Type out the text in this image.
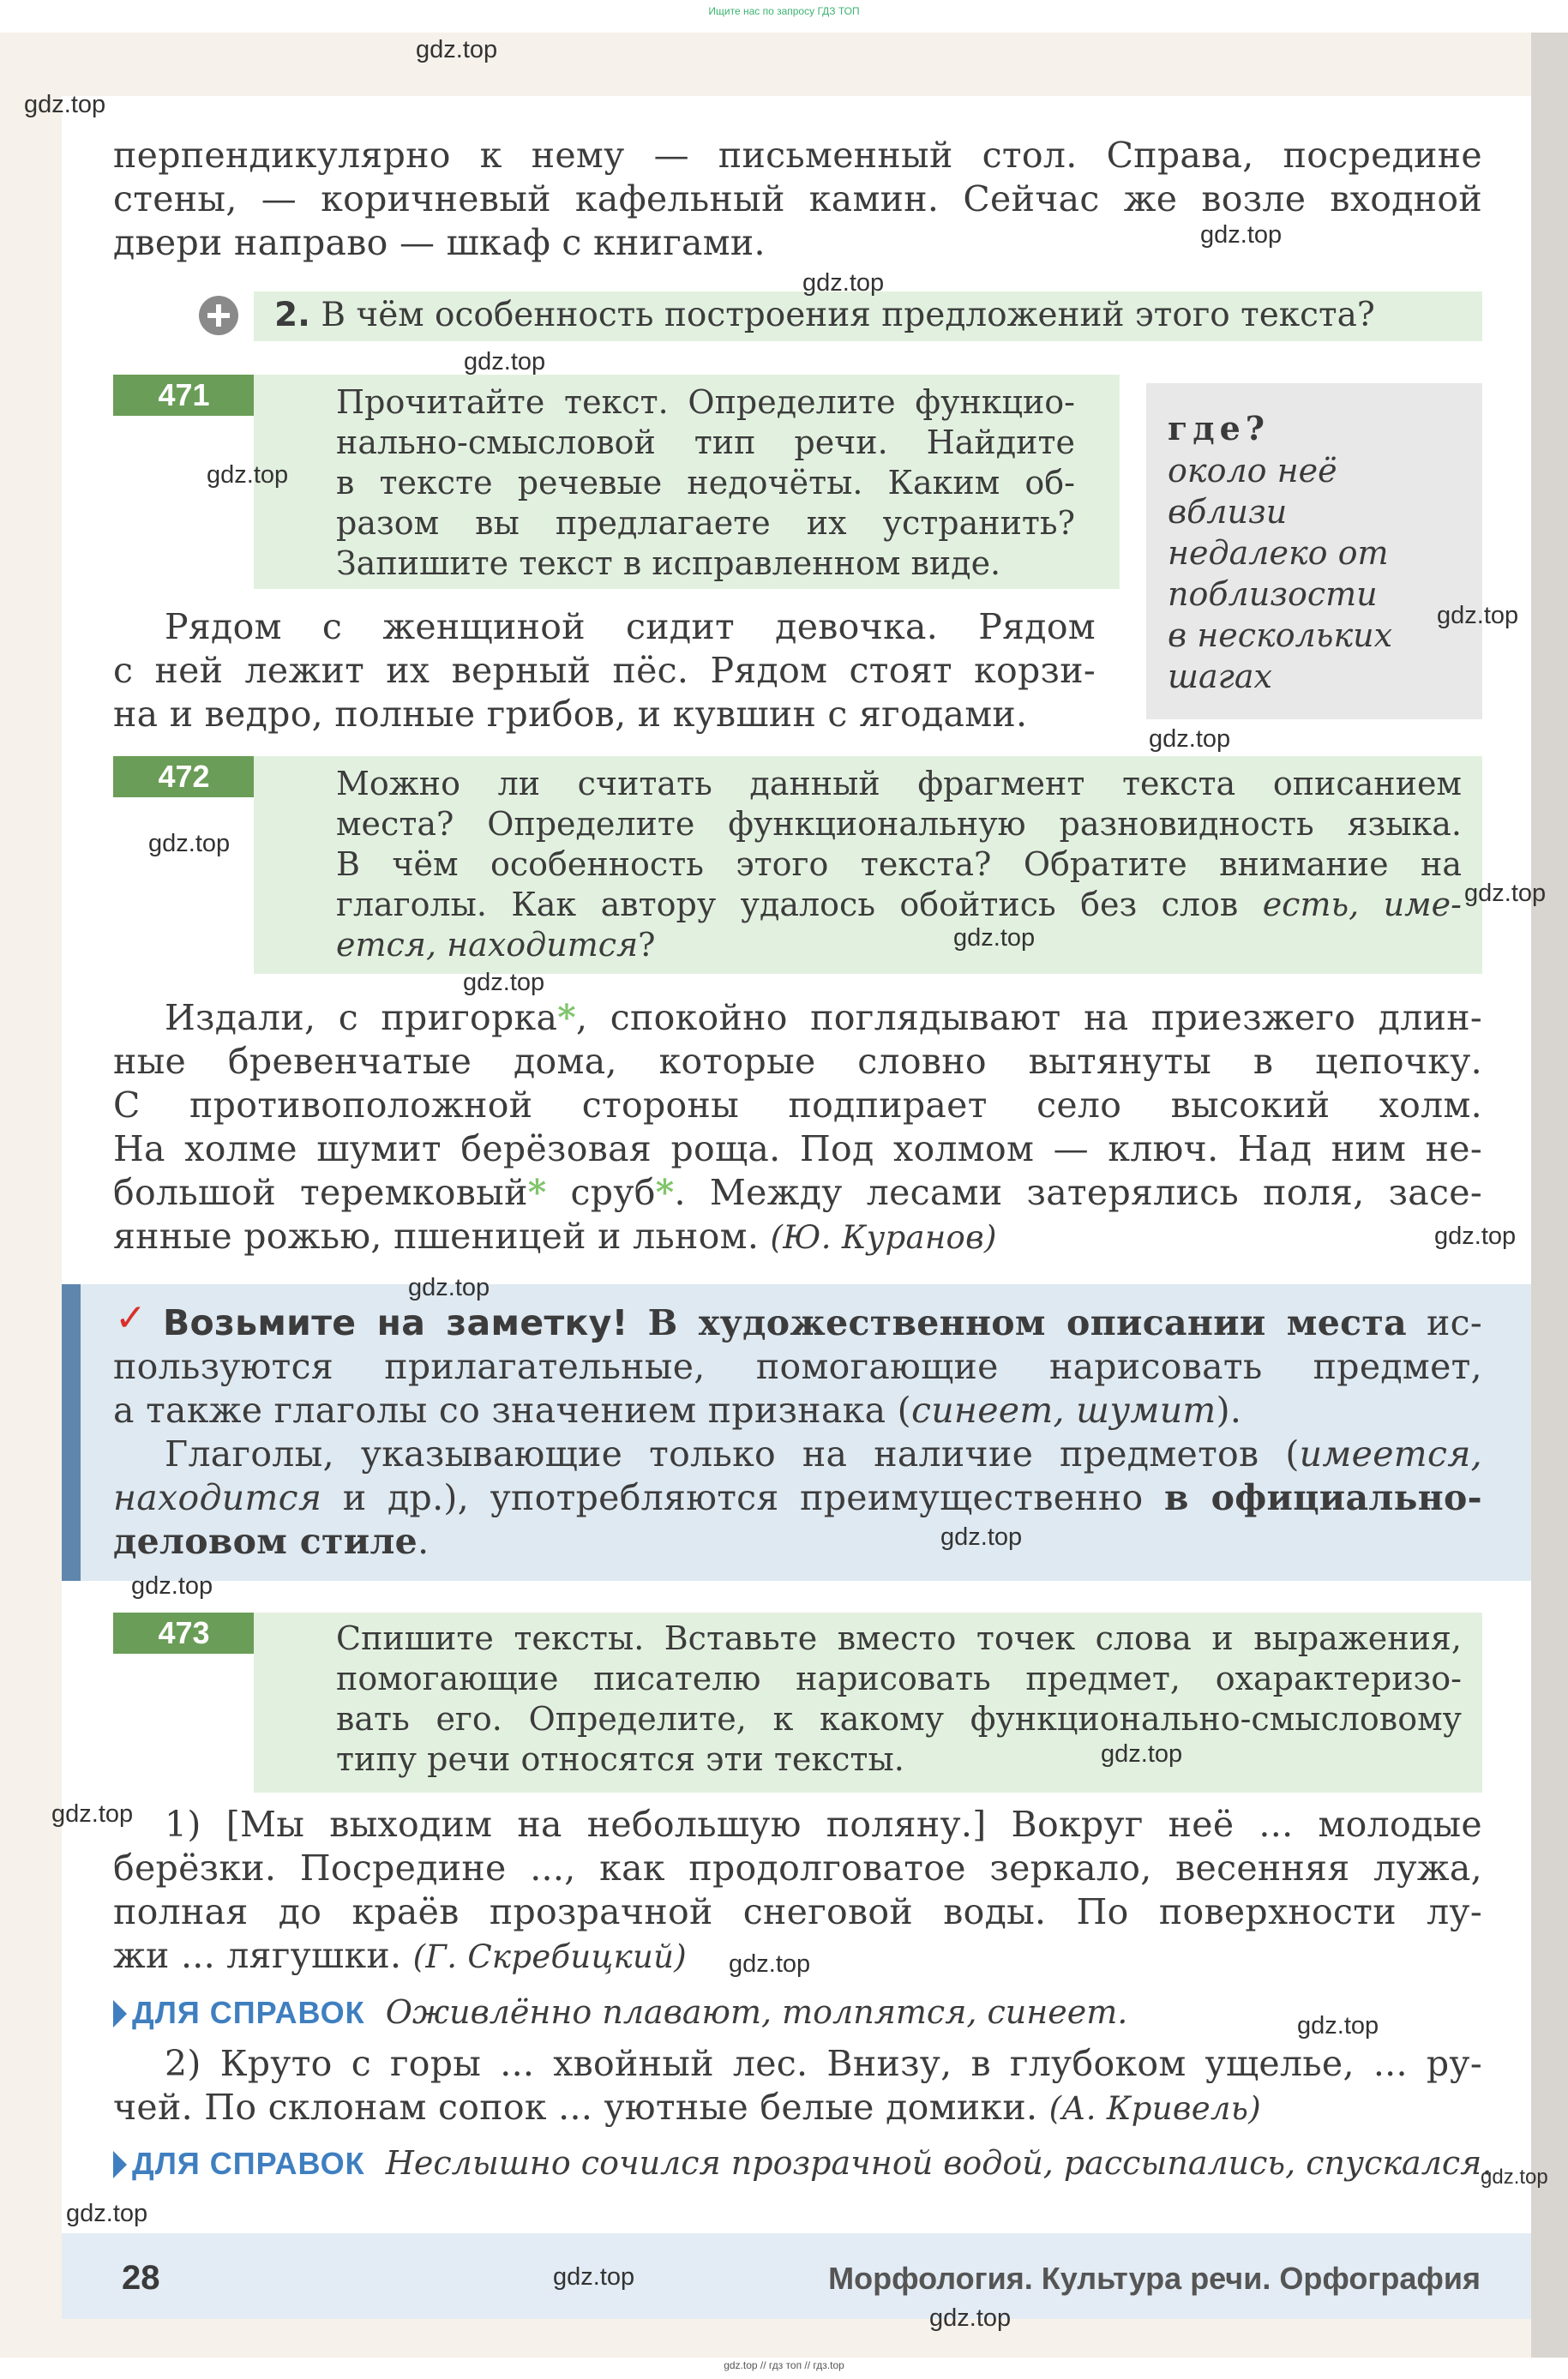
Ищите нас по запросу ГДЗ ТОП

перпендикулярно к нему — письменный стол. Справа, посредине

стены, — коричневый кафельный камин. Сейчас же возле входной

двери направо — шкаф с книгами.

2. В чём особенность построения предложений этого текста?
471	Прочитайте текст. Определите функцио-

нально-смысловой тип речи. Найдите

в тексте речевые недочёты. Каким об-

разом вы предлагаете их устранить?

Запишите текст в исправленном виде.

Рядом с женщиной сидит девочка. Рядом

с ней лежит их верный пёс. Рядом стоят корзи-

на и ведро, полные грибов, и кувшин с ягодами.

где?
около неё
вблизи
недалеко от
поблизости
в нескольких
шагах
472	Можно ли считать данный фрагмент текста описанием

места? Определите функциональную разновидность языка.

В чём особенность этого текста? Обратите внимание на

глаголы. Как автору удалось обойтись без слов есть, име-

ется, находится?

Издали, с пригорка*, спокойно поглядывают на приезжего длин-

ные бревенчатые дома, которые словно вытянуты в цепочку.

С противоположной стороны подпирает село высокий холм.

На холме шумит берёзовая роща. Под холмом — ключ. Над ним не-

большой теремковый* сруб*. Между лесами затерялись поля, засе-

янные рожью, пшеницей и льном. (Ю. Куранов)

✓ Возьмите на заметку! В художественном описании места ис-

пользуются прилагательные, помогающие нарисовать предмет,

а также глаголы со значением признака (синеет, шумит).

Глаголы, указывающие только на наличие предметов (имеется,

находится и др.), употребляются преимущественно в официально-

деловом стиле.

473	Спишите тексты. Вставьте вместо точек слова и выражения,

помогающие писателю нарисовать предмет, охарактеризо-

вать его. Определите, к какому функционально-смысловому

типу речи относятся эти тексты.

1) [Мы выходим на небольшую поляну.] Вокруг неё ... молодые

берёзки. Посредине ..., как продолговатое зеркало, весенняя лужа,

полная до краёв прозрачной снеговой воды. По поверхности лу-

жи ... лягушки. (Г. Скребицкий)

ДЛЯ СПРАВОК Оживлённо плавают, толпятся, синеет.

2) Круто с горы ... хвойный лес. Внизу, в глубоком ущелье, ... ру-

чей. По склонам сопок ... уютные белые домики. (А. Кривель)

ДЛЯ СПРАВОК Неслышно сочился прозрачной водой, рассыпались, спускался.
28	Морфология. Культура речи. Орфография
gdz.top
gdz.top
gdz.top
gdz.top
gdz.top
gdz.top
gdz.top
gdz.top
gdz.top
gdz.top
gdz.top
gdz.top
gdz.top
gdz.top
gdz.top
gdz.top
gdz.top
gdz.top
gdz.top
gdz.top
gdz.top
gdz.top
gdz.top
gdz.top
gdz.top // гдз топ // гдз.top
